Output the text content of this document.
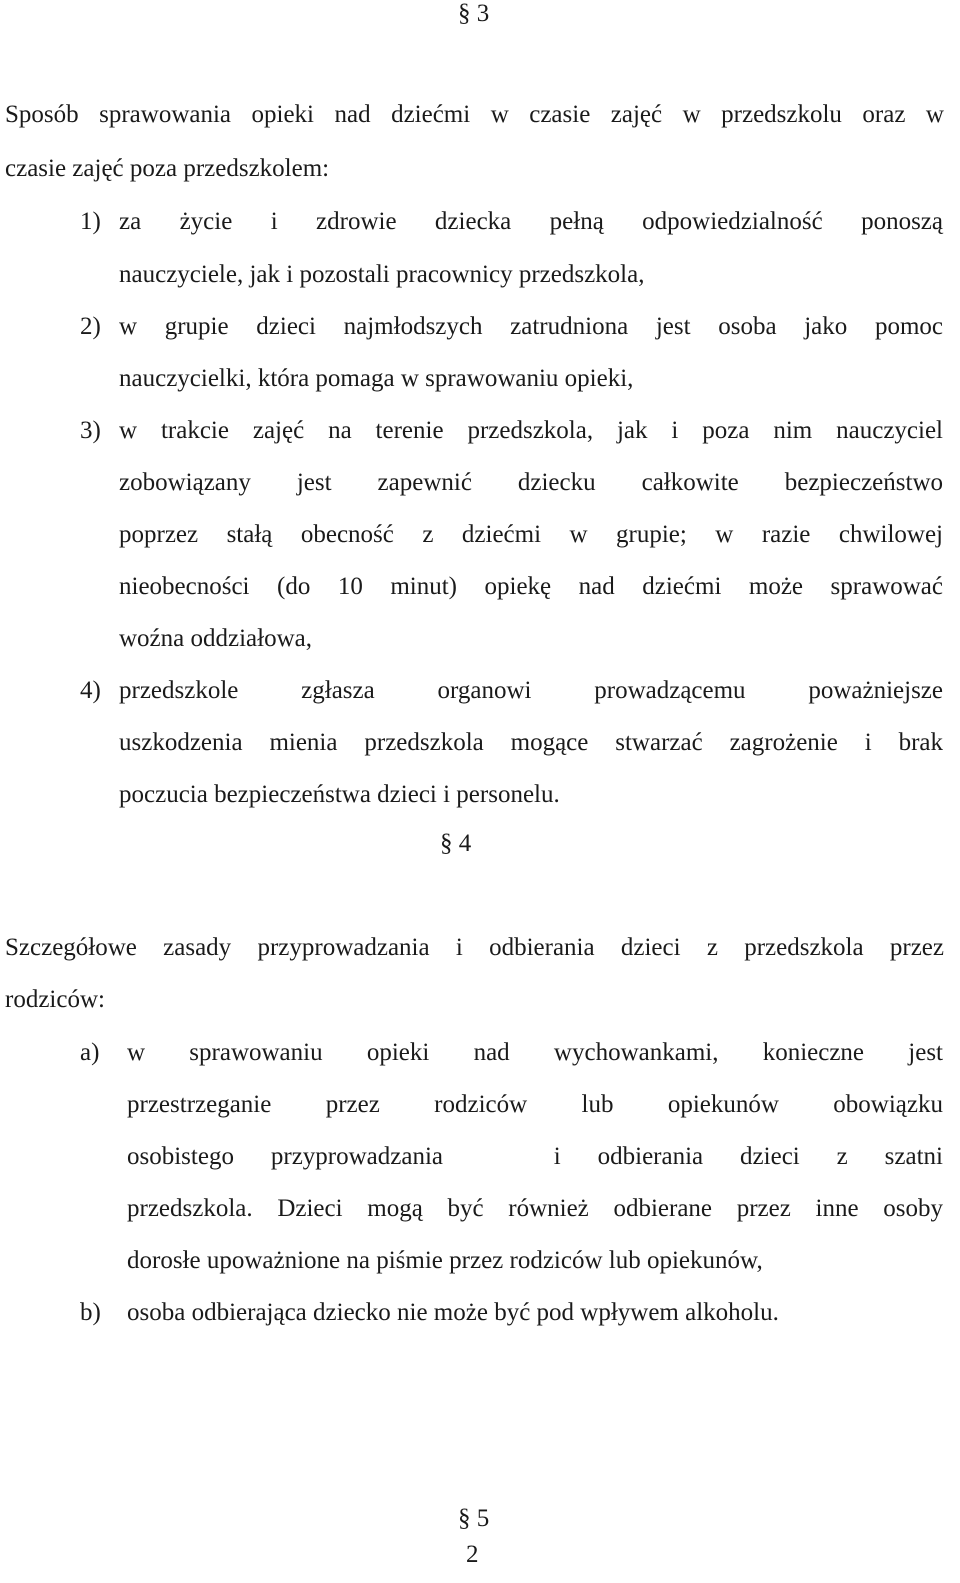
§ 3
Sposób sprawowania opieki nad dziećmi w czasie zajęć w przedszkolu oraz w
czasie zajęć poza przedszkolem:
1) za życie i zdrowie dziecka pełną odpowiedzialność ponoszą
nauczyciele, jak i pozostali pracownicy przedszkola,
2) w grupie dzieci najmłodszych zatrudniona jest osoba jako pomoc
nauczycielki, która pomaga w sprawowaniu opieki,
3) w trakcie zajęć na terenie przedszkola, jak i poza nim nauczyciel
zobowiązany jest zapewnić dziecku całkowite bezpieczeństwo
poprzez stałą obecność z dziećmi w grupie; w razie chwilowej
nieobecności (do 10 minut) opiekę nad dziećmi może sprawować
woźna oddziałowa,
4) przedszkole zgłasza organowi prowadzącemu poważniejsze
uszkodzenia mienia przedszkola mogące stwarzać zagrożenie i brak
poczucia bezpieczeństwa dzieci i personelu.
§ 4
Szczegółowe zasady przyprowadzania i odbierania dzieci z przedszkola przez
rodziców:
a) w sprawowaniu opieki nad wychowankami, konieczne jest
przestrzeganie przez rodziców lub opiekunów obowiązku
osobistego przyprowadzania   i odbierania dzieci z szatni
przedszkola. Dzieci mogą być również odbierane przez inne osoby
dorosłe upoważnione na piśmie przez rodziców lub opiekunów,
b) osoba odbierająca dziecko nie może być pod wpływem alkoholu.
§ 5
2
